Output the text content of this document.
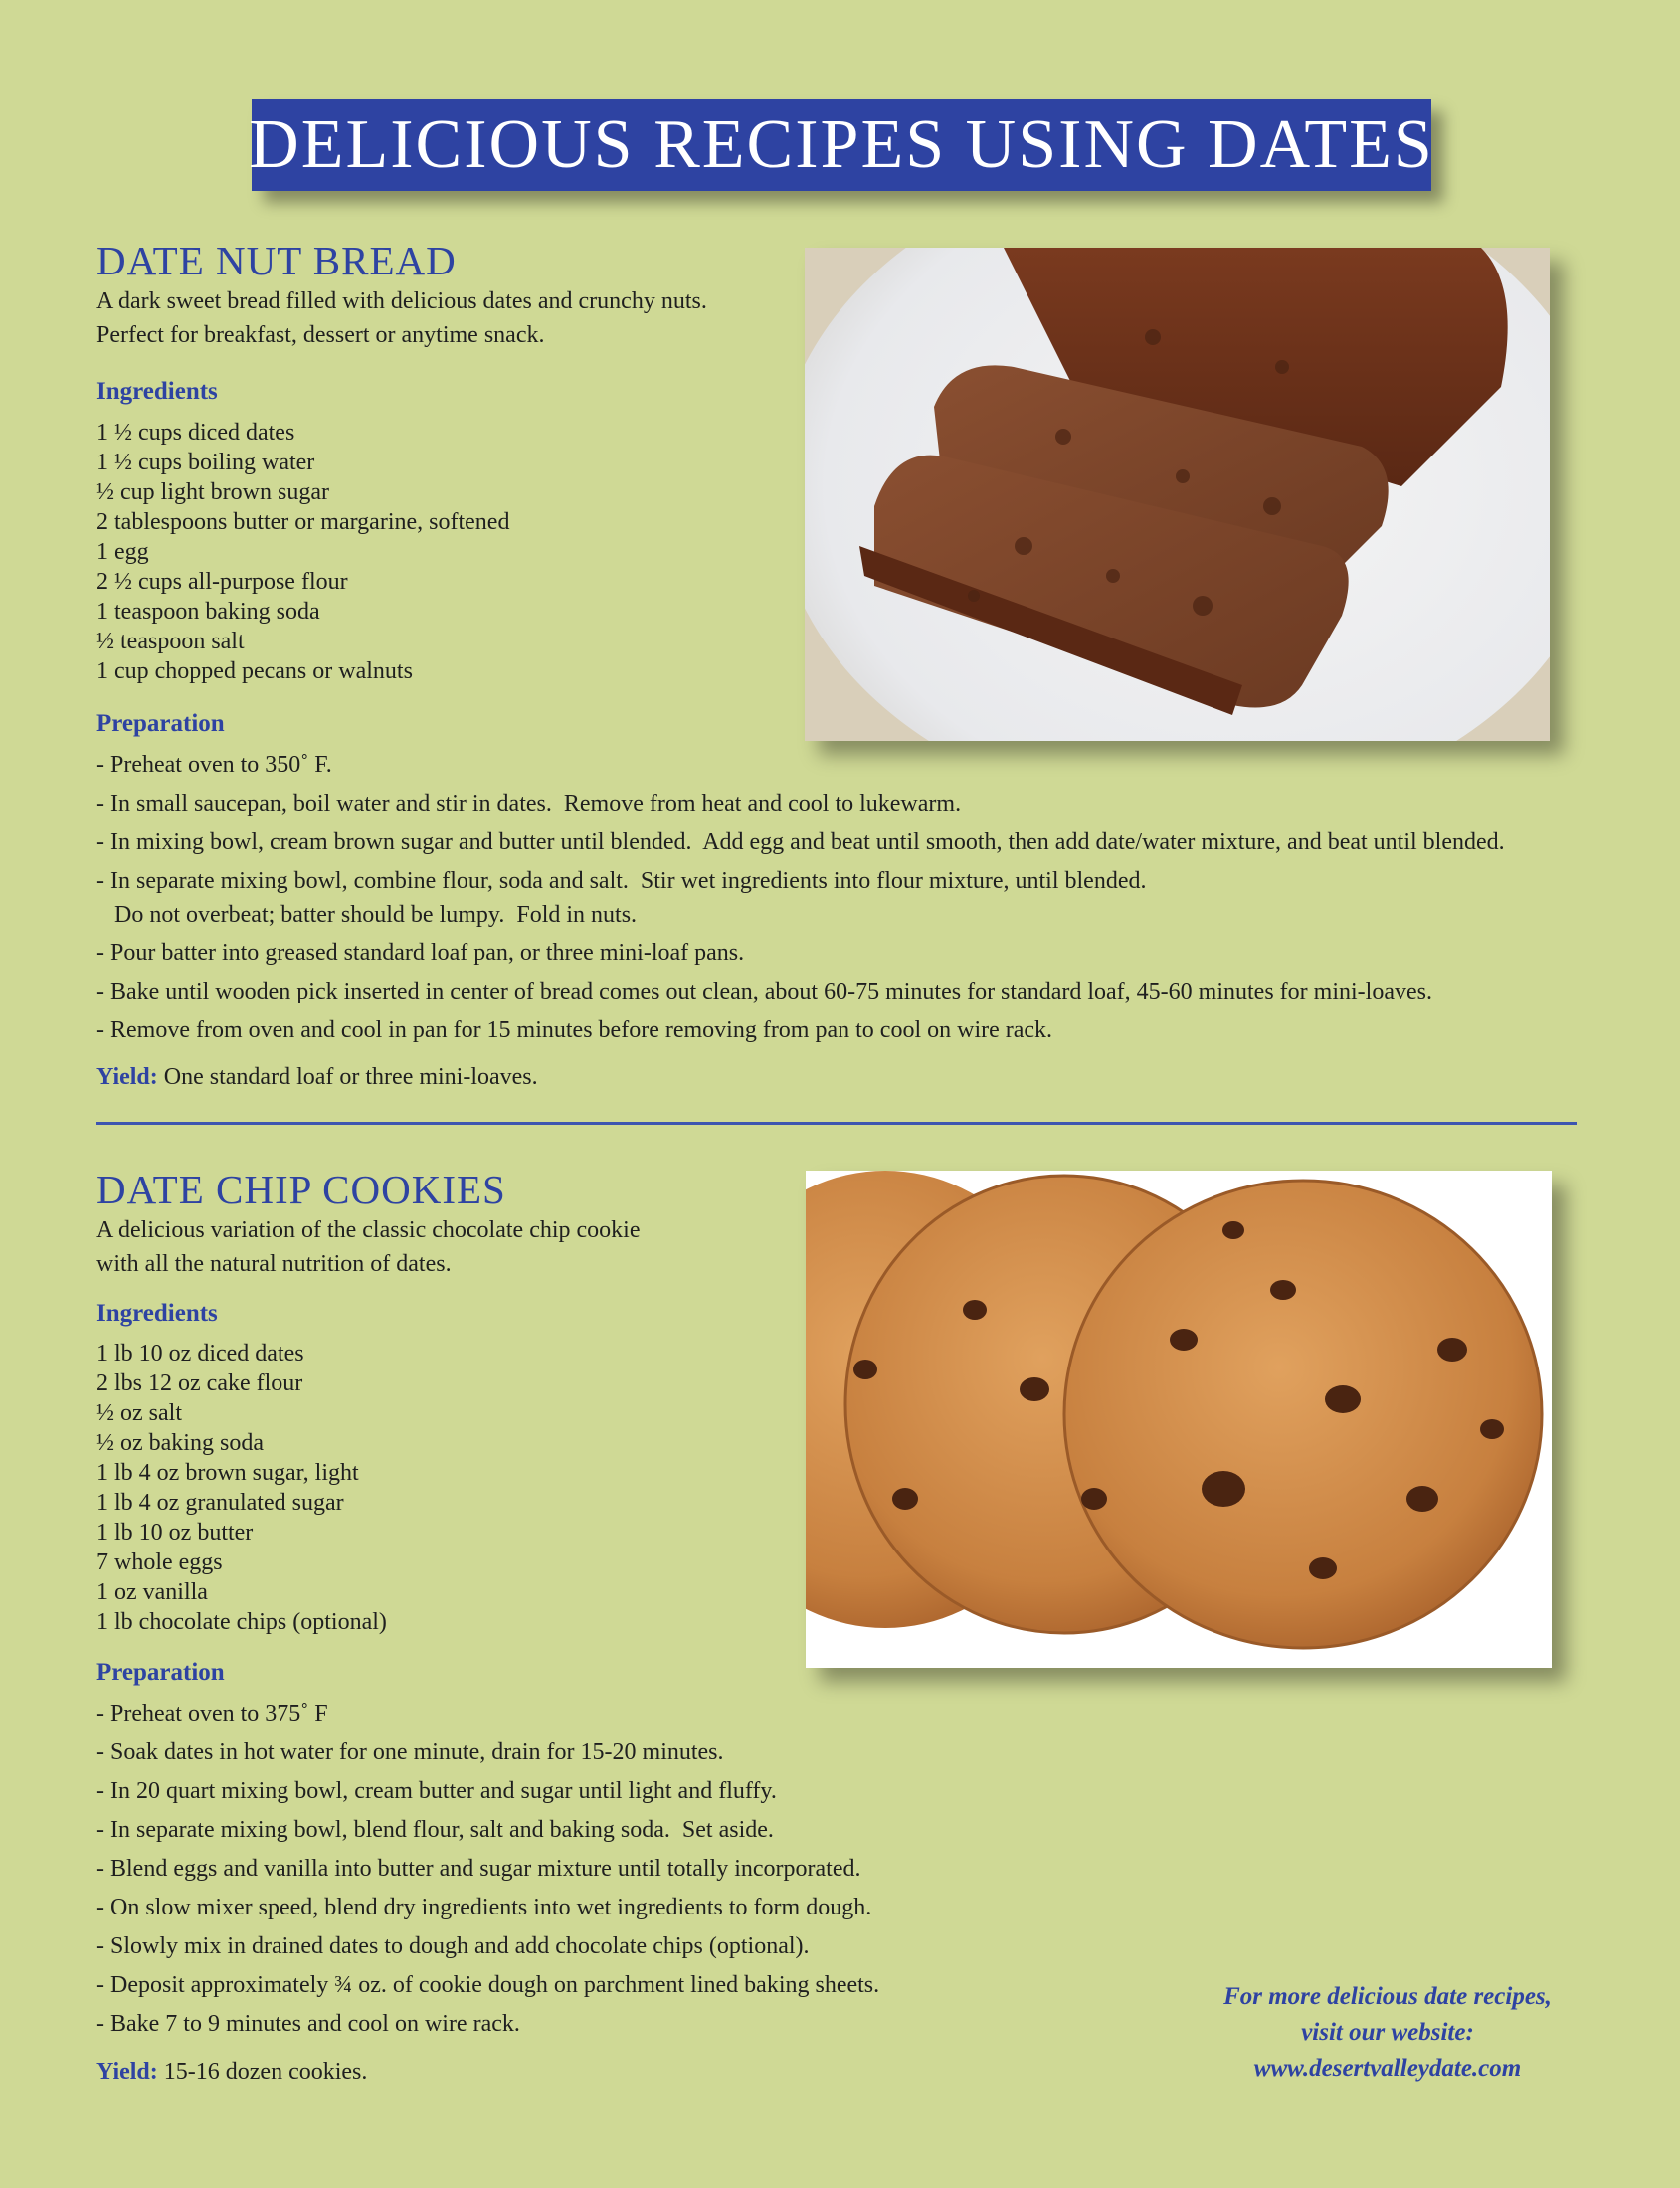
DELICIOUS RECIPES USING DATES
DATE NUT BREAD
A dark sweet bread filled with delicious dates and crunchy nuts.
Perfect for breakfast, dessert or anytime snack.
Ingredients
1 ½ cups diced dates
1 ½ cups boiling water
½ cup light brown sugar
2 tablespoons butter or margarine, softened
1 egg
2 ½ cups all-purpose flour
1 teaspoon baking soda
½ teaspoon salt
1 cup chopped pecans or walnuts
Preparation
- Preheat oven to 350˚ F.
- In small saucepan, boil water and stir in dates.  Remove from heat and cool to lukewarm.
- In mixing bowl, cream brown sugar and butter until blended.  Add egg and beat until smooth, then add date/water mixture, and beat until blended.
- In separate mixing bowl, combine flour, soda and salt.  Stir wet ingredients into flour mixture, until blended.
Do not overbeat; batter should be lumpy.  Fold in nuts.
- Pour batter into greased standard loaf pan, or three mini-loaf pans.
- Bake until wooden pick inserted in center of bread comes out clean, about 60-75 minutes for standard loaf, 45-60 minutes for mini-loaves.
- Remove from oven and cool in pan for 15 minutes before removing from pan to cool on wire rack.
Yield: One standard loaf or three mini-loaves.
DATE CHIP COOKIES
A delicious variation of the classic chocolate chip cookie
with all the natural nutrition of dates.
Ingredients
1 lb 10 oz diced dates
2 lbs 12 oz cake flour
½ oz salt
½ oz baking soda
1 lb 4 oz brown sugar, light
1 lb 4 oz granulated sugar
1 lb 10 oz butter
7 whole eggs
1 oz vanilla
1 lb chocolate chips (optional)
Preparation
- Preheat oven to 375˚ F
- Soak dates in hot water for one minute, drain for 15-20 minutes.
- In 20 quart mixing bowl, cream butter and sugar until light and fluffy.
- In separate mixing bowl, blend flour, salt and baking soda.  Set aside.
- Blend eggs and vanilla into butter and sugar mixture until totally incorporated.
- On slow mixer speed, blend dry ingredients into wet ingredients to form dough.
- Slowly mix in drained dates to dough and add chocolate chips (optional).
- Deposit approximately ¾ oz. of cookie dough on parchment lined baking sheets.
- Bake 7 to 9 minutes and cool on wire rack.
Yield: 15-16 dozen cookies.
For more delicious date recipes,
visit our website:
www.desertvalleydate.com
